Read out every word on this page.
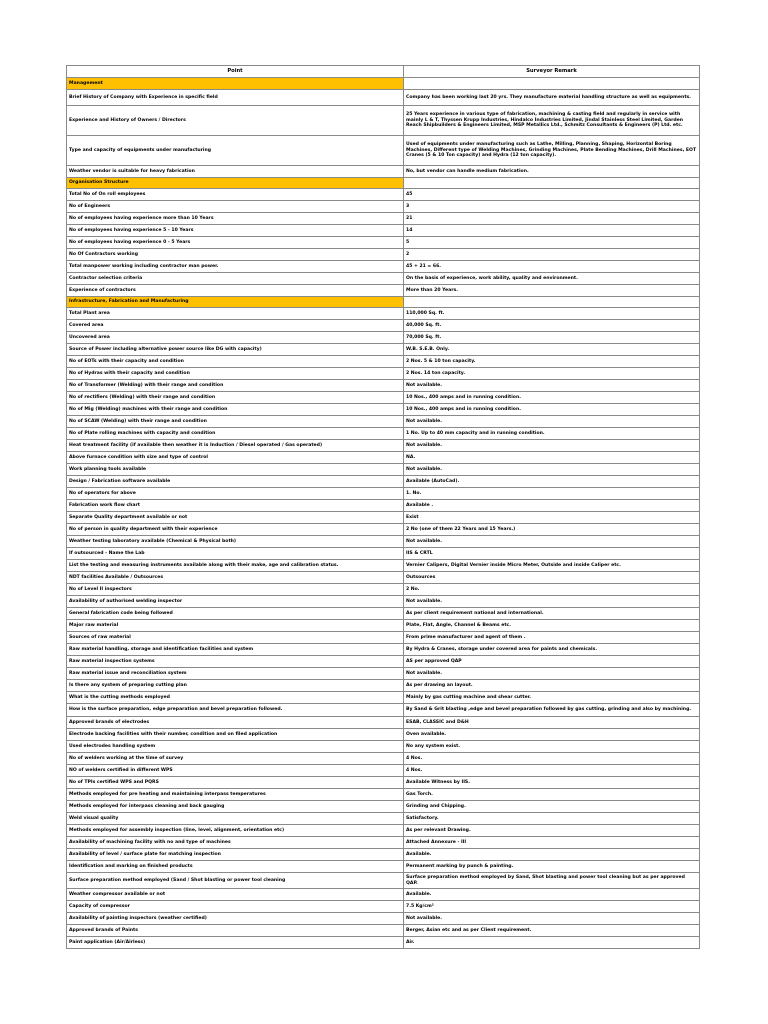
Point	Surveyor Remark
Management	
Brief History of Company with Experience in specific field	Company has been working last 20 yrs. They manufacture material handling structure as well as equipments.
Experience and History of Owners / Directors	25 Years experience in various type of fabrication, machining & casting field and regularly in service with mainly L & T, Thyssen Krupp Industries, Hindalco Industries Limited, Jindal Stainless Steel Limited, Garden Reach Shipbuilders & Engineers Limited, MSP Metallics Ltd., Schmitz Consultants & Engineers (P) Ltd. etc.
Type and capacity of equipments under manufacturing	Used of equipments under manufacturing such as Lathe, Milling, Planning, Shaping, Horizontal Boring Machines, Different type of Welding Machines, Grinding Machines, Plate Bending Machines, Drill Machines, EOT Cranes (5 & 10 Ton capacity) and Hydra (12 ton capacity).
Weather vendor is suitable for heavy fabrication	No, but vendor can handle medium fabrication.
Organisation Structure	
Total No of On roll employees	45
No of Engineers	3
No of employees having experience more than 10 Years	21
No of employees having experience 5 - 10 Years	14
No of employees having experience 0 - 5 Years	5
No Of Contractors working	2
Total manpower working including contractor man power.	45 + 21 = 66.
Contractor selection criteria	On the basis of experience, work ability, quality and environment.
Experience of contractors	More than 20 Years.
Infrastructure, Fabrication and Manufacturing	
Total Plant area	110,000 Sq. ft.
Covered area	40,000 Sq. ft.
Uncovered area	70,000 Sq. ft.
Source of Power including alternative power source like DG with capacity)	W.B. S.E.B. Only.
No of EOTs with their capacity and condition	2 Nos. 5 & 10 ton capacity.
No of Hydras with their capacity and condition	2 Nos. 14 ton capacity.
No of Transformer (Welding) with their range and condition	Not available.
No of rectifiers (Welding) with their range and condition	10 Nos., 400 amps and in running condition.
No of Mig (Welding) machines with their range and condition	10 Nos., 400 amps and in running condition.
No of SCAW (Welding) with their range and condition	Not available.
No of Plate rolling machines with capacity and condition	1 No. Up to 40 mm capacity and in running condition.
Heat treatment facility (if available then weather it is Induction / Diesel operated / Gas operated)	Not available.
Above furnace condition with size and type of control	NA.
Work planning tools available	Not available.
Design / Fabrication software available	Available (AutoCad).
No of operators for above	1. No.
Fabrication work flow chart	Available .
Separate Quality department available or not	Exist
No of person in quality department with their experience	2 No (one of them 22 Years and 15 Years.)
Weather testing laboratory available (Chemical & Physical both)	Not available.
If outsourced - Name the Lab	IIS & CRTL
List the testing and measuring instruments available along with their make, age and calibration status.	Vernier Calipers, Digital Vernier inside Micro Meter, Outside and inside Caliper etc.
NDT facilities Available / Outsources	Outsources
No of Level II inspectors	2 No.
Availability of authorised welding inspector	Not available.
General fabrication code being followed	As per client requirement national and international.
Major raw material	Plate, Flat, Angle, Channel & Beams etc.
Sources of raw material	From prime manufacturer and agent of them .
Raw material handling, storage and identification facilities and system	By Hydra & Cranes, storage under covered area for paints and chemicals.
Raw material inspection systems	AS per approved QAP
Raw material issue and reconciliation system	Not available.
Is there any system of preparing cutting plan	As per drawing an layout.
What is the cutting methods employed	Mainly by gas cutting machine and shear cutter.
How is the surface preparation, edge preparation and bevel preparation followed.	By Sand & Grit blasting ,edge and bevel preparation followed by gas cutting, grinding and also by machining.
Approved brands of electrodes	ESAB, CLASSIC and D&H
Electrode backing facilities with their number, condition and on filed application	Oven available.
Used electrodes handling system	No any system exist.
No of welders working at the time of survey	4 Nos.
NO of welders certified in different WPS	4 Nos.
No of TPIs certified WPS and PQRS	Available Witness by IIS.
Methods employed for pre heating and maintaining interpass temperatures	Gas Torch.
Methods employed for interpass cleaning and back gauging	Grinding and Chipping.
Weld visual quality	Satisfactory.
Methods employed for assembly inspection (line, level, alignment, orientation etc)	As per relevant Drawing.
Availability of machining facility with no and type of machines	Attached Annexure - III
Availability of level / surface plate for matching inspection	Available.
Identification and marking on finished products	Permanent marking by punch & painting.
Surface preparation method employed (Sand / Shot blasting or power tool cleaning	Surface preparation method employed by Sand, Shot blasting and power tool cleaning but as per approved QAP.
Weather compressor available or not	Available.
Capacity of compressor	7.5 Kg/cm²
Availability of painting inspectors (weather certified)	Not available.
Approved brands of Paints	Berger, Asian etc and as per Client requirement.
Paint application (Air/Airless)	Air.
